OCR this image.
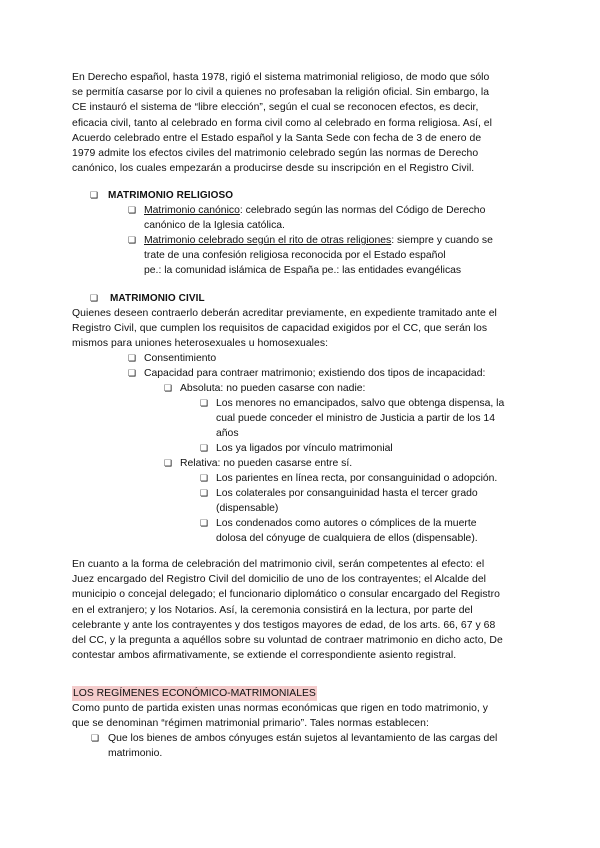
En Derecho español, hasta 1978, rigió el sistema matrimonial religioso, de modo que sólo

se permitía casarse por lo civil a quienes no profesaban la religión oficial. Sin embargo, la

CE instauró el sistema de “libre elección”, según el cual se reconocen efectos, es decir,

eficacia civil, tanto al celebrado en forma civil como al celebrado en forma religiosa. Así, el

Acuerdo celebrado entre el Estado español y la Santa Sede con fecha de 3 de enero de

1979 admite los efectos civiles del matrimonio celebrado según las normas de Derecho

canónico, los cuales empezarán a producirse desde su inscripción en el Registro Civil.

❏ MATRIMONIO RELIGIOSO
❏ Matrimonio canónico: celebrado según las normas del Código de Derecho

canónico de la Iglesia católica.

❏ Matrimonio celebrado según el rito de otras religiones: siempre y cuando se

trate de una confesión religiosa reconocida por el Estado español

pe.: la comunidad islámica de España pe.: las entidades evangélicas

❏ MATRIMONIO CIVIL

Quienes deseen contraerlo deberán acreditar previamente, en expediente tramitado ante el

Registro Civil, que cumplen los requisitos de capacidad exigidos por el CC, que serán los

mismos para uniones heterosexuales u homosexuales:

❏ Consentimiento
❏ Capacidad para contraer matrimonio; existiendo dos tipos de incapacidad:
❏ Absoluta: no pueden casarse con nadie:
❏ Los menores no emancipados, salvo que obtenga dispensa, la

cual puede conceder el ministro de Justicia a partir de los 14

años

❏ Los ya ligados por vínculo matrimonial
❏ Relativa: no pueden casarse entre sí.
❏ Los parientes en línea recta, por consanguinidad o adopción.
❏ Los colaterales por consanguinidad hasta el tercer grado

(dispensable)

❏ Los condenados como autores o cómplices de la muerte

dolosa del cónyuge de cualquiera de ellos (dispensable).

En cuanto a la forma de celebración del matrimonio civil, serán competentes al efecto: el

Juez encargado del Registro Civil del domicilio de uno de los contrayentes; el Alcalde del

municipio o concejal delegado; el funcionario diplomático o consular encargado del Registro

en el extranjero; y los Notarios. Así, la ceremonia consistirá en la lectura, por parte del

celebrante y ante los contrayentes y dos testigos mayores de edad, de los arts. 66, 67 y 68

del CC, y la pregunta a aquéllos sobre su voluntad de contraer matrimonio en dicho acto, De

contestar ambos afirmativamente, se extiende el correspondiente asiento registral.

LOS REGÍMENES ECONÓMICO-MATRIMONIALES

Como punto de partida existen unas normas económicas que rigen en todo matrimonio, y

que se denominan “régimen matrimonial primario”. Tales normas establecen:

❏ Que los bienes de ambos cónyuges están sujetos al levantamiento de las cargas del

matrimonio.
